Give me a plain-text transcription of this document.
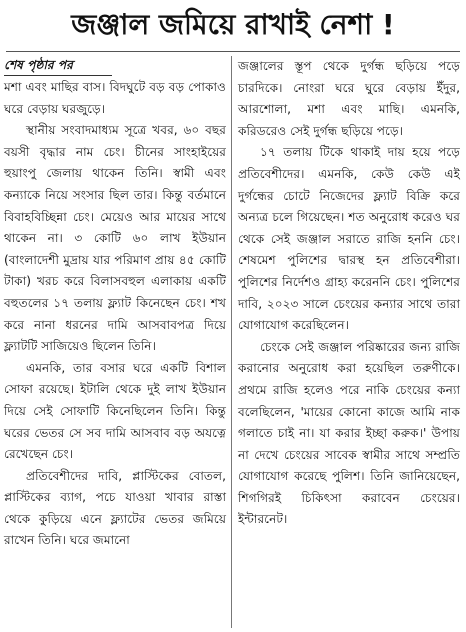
জঞ্জাল জমিয়ে রাখাই নেশা !
শেষ পৃষ্ঠার পর

মশা এবং মাছির বাস। বিদঘুটে বড় বড় পোকাও ঘরে বেড়ায় ঘরজুড়ে।

স্থানীয় সংবাদমাধ্যম সূত্রে খবর, ৬০ বছর বয়সী বৃদ্ধার নাম চেং। চীনের সাংহাইয়ের হুয়াংপু জেলায় থাকেন তিনি। স্বামী এবং কন্যাকে নিয়ে সংসার ছিল তার। কিন্তু বর্তমানে বিবাহবিচ্ছিন্না চেং। মেয়েও আর মায়ের সাথে থাকেন না। ৩ কোটি ৬০ লাখ ইউয়ান (বাংলাদেশী মুদ্রায় যার পরিমাণ প্রায় ৪৫ কোটি টাকা) খরচ করে বিলাসবহুল এলাকায় একটি বহুতলের ১৭ তলায় ফ্ল্যাট কিনেছেন চেং। শখ করে নানা ধরনের দামি আসবাবপত্র দিয়ে ফ্ল্যাটটি সাজিয়েও ছিলেন তিনি।

এমনকি, তার বসার ঘরে একটি বিশাল সোফা রয়েছে। ইটালি থেকে দুই লাখ ইউয়ান দিয়ে সেই সোফাটি কিনেছিলেন তিনি। কিন্তু ঘরের ভেতর সে সব দামি আসবাব বড় অযত্নে রেখেছেন চেং।

প্রতিবেশীদের দাবি, প্লাস্টিকের বোতল, প্লাস্টিকের ব্যাগ, পচে যাওয়া খাবার রাস্তা থেকে কুড়িয়ে এনে ফ্ল্যাটের ভেতর জমিয়ে রাখেন তিনি। ঘরে জমানো

জঞ্জালের স্তূপ থেকে দুর্গন্ধ ছড়িয়ে পড়ে চারদিকে। নোংরা ঘরে ঘুরে বেড়ায় ইঁদুর, আরশোলা, মশা এবং মাছি। এমনকি, করিডরেও সেই দুর্গন্ধ ছড়িয়ে পড়ে।

১৭ তলায় টিকে থাকাই দায় হয়ে পড়ে প্রতিবেশীদের। এমনকি, কেউ কেউ এই দুর্গন্ধের চোটে নিজেদের ফ্ল্যাট বিক্রি করে অন্যত্র চলে গিয়েছেন। শত অনুরোধ করেও ঘর থেকে সেই জঞ্জাল সরাতে রাজি হননি চেং। শেষমেশ পুলিশের দ্বারস্থ হন প্রতিবেশীরা। পুলিশের নির্দেশও গ্রাহ্য করেননি চেং। পুলিশের দাবি, ২০২৩ সালে চেংয়ের কন্যার সাথে তারা যোগাযোগ করেছিলেন।

চেংকে সেই জঞ্জাল পরিষ্কারের জন্য রাজি করানোর অনুরোধ করা হয়েছিল তরুণীকে। প্রথমে রাজি হলেও পরে নাকি চেংয়ের কন্যা বলেছিলেন, 'মায়ের কোনো কাজে আমি নাক গলাতে চাই না। যা করার ইচ্ছা করুক।' উপায় না দেখে চেংয়ের সাবেক স্বামীর সাথে সম্প্রতি যোগাযোগ করেছে পুলিশ। তিনি জানিয়েছেন, শিগগিরই চিকিৎসা করাবেন চেংয়ের। ইন্টারনেট।
